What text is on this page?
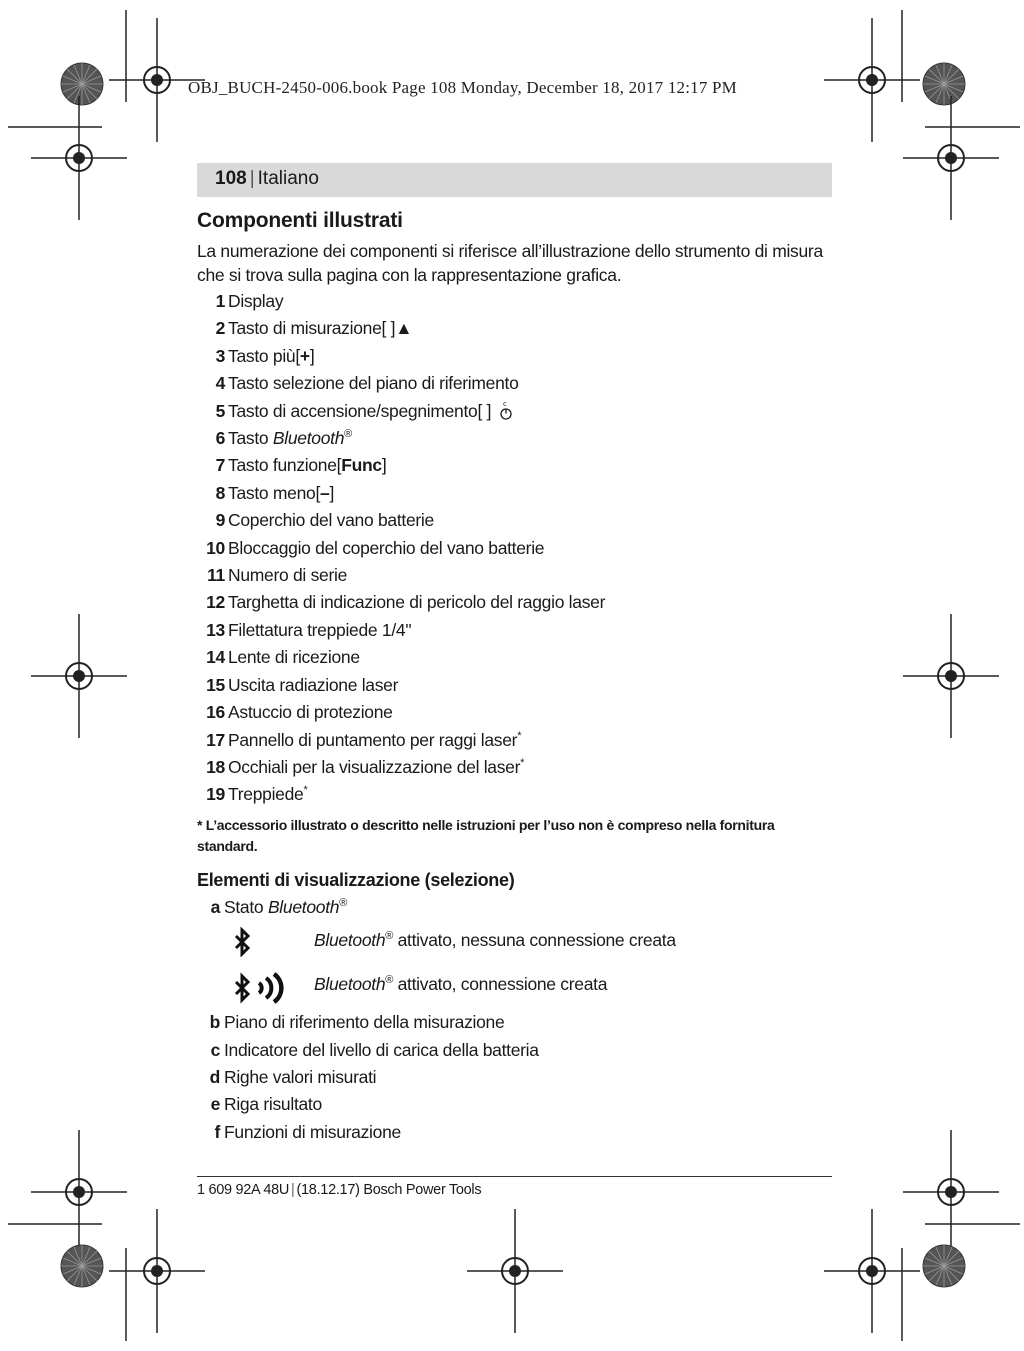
OBJ_BUCH-2450-006.book Page 108 Monday, December 18, 2017 12:17 PM
108 | Italiano
Componenti illustrati
La numerazione dei componenti si riferisce all’illustrazione dello strumento di misura che si trova sulla pagina con la rappresentazione grafica.
1 Display
2 Tasto di misurazione[ ]▲
3 Tasto più[+]
4 Tasto selezione del piano di riferimento
5 Tasto di accensione/spegnimento[ ] c
6 Tasto Bluetooth®
7 Tasto funzione[Func]
8 Tasto meno[–]
9 Coperchio del vano batterie
10 Bloccaggio del coperchio del vano batterie
11 Numero di serie
12 Targhetta di indicazione di pericolo del raggio laser
13 Filettatura treppiede 1/4"
14 Lente di ricezione
15 Uscita radiazione laser
16 Astuccio di protezione
17 Pannello di puntamento per raggi laser*
18 Occhiali per la visualizzazione del laser*
19 Treppiede*
* L’accessorio illustrato o descritto nelle istruzioni per l’uso non è compreso nella fornitura standard.
Elementi di visualizzazione (selezione)
a Stato Bluetooth®
Bluetooth® attivato, nessuna connessione creata
Bluetooth® attivato, connessione creata
b Piano di riferimento della misurazione
c Indicatore del livello di carica della batteria
d Righe valori misurati
e Riga risultato
f Funzioni di misurazione
1 609 92A 48U | (18.12.17) Bosch Power Tools
